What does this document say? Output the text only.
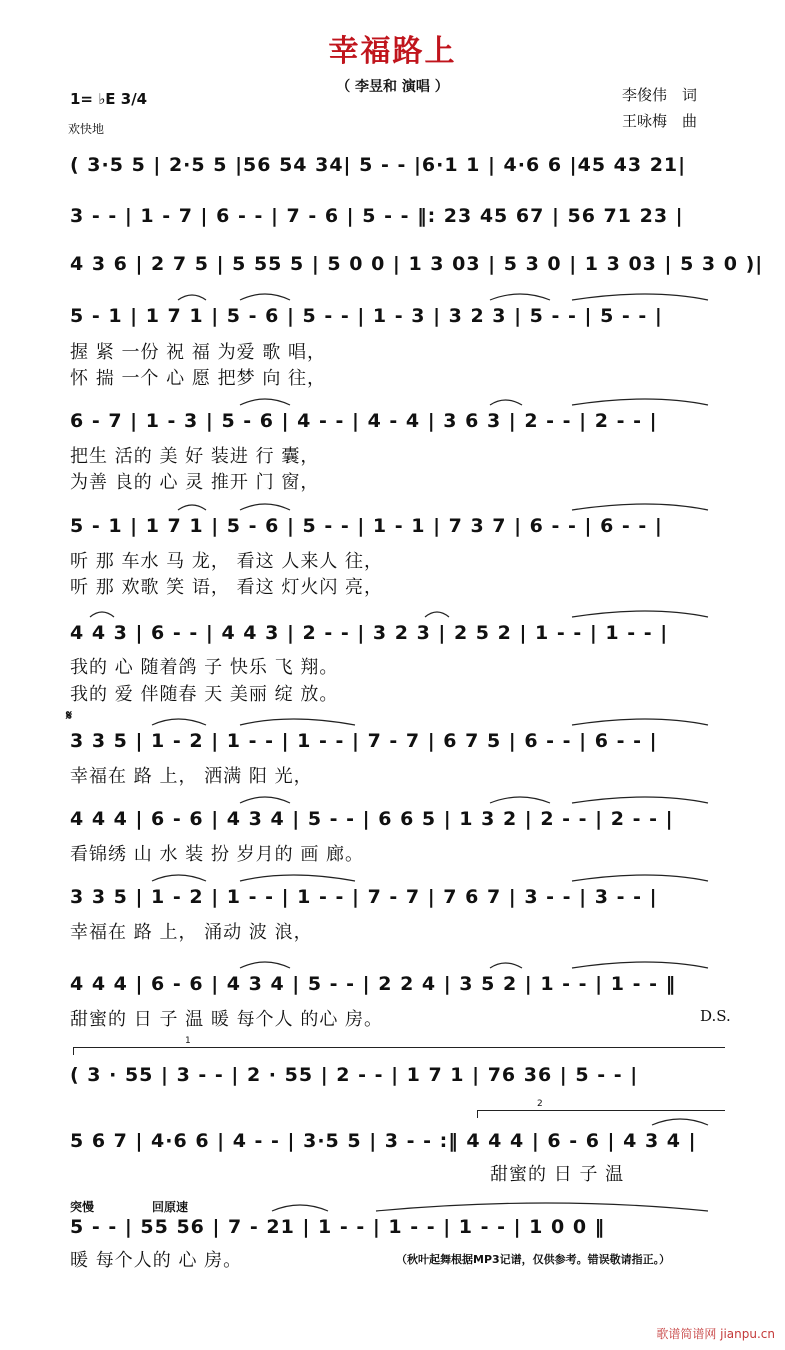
幸福路上
（ 李昱和 演唱 ）	李俊伟　词
王咏梅　曲
1= ♭E 3/4
欢快地
( 3·5 5 | 2·5 5 |56 54 34| 5 - - |6·1 1 | 4·6 6 |45 43 21|
3 - - | 1 - 7 | 6 - - | 7 - 6 | 5 - - ‖: 23 45 67 | 56 71 23 |
4 3 6 | 2 7 5 | 5 55 5 | 5 0 0 | 1 3 03 | 5 3 0 | 1 3 03 | 5 3 0 )|
5 - 1 | 1 7 1 | 5 - 6 | 5 - - | 1 - 3 | 3 2 3 | 5 - - | 5 - - |
握 紧 一份 祝 福 为爱 歌 唱，
怀 揣 一个 心 愿 把梦 向 往，
6 - 7 | 1 - 3 | 5 - 6 | 4 - - | 4 - 4 | 3 6 3 | 2 - - | 2 - - |
把生 活的 美 好 装进 行 囊，
为善 良的 心 灵 推开 门 窗，
5 - 1 | 1 7 1 | 5 - 6 | 5 - - | 1 - 1 | 7 3 7 | 6 - - | 6 - - |
听 那 车水 马 龙， 看这 人来人 往，
听 那 欢歌 笑 语， 看这 灯火闪 亮，
4 4 3 | 6 - - | 4 4 3 | 2 - - | 3 2 3 | 2 5 2 | 1 - - | 1 - - |
我的 心 随着鸽 子 快乐 飞 翔。
我的 爱 伴随春 天 美丽 绽 放。
𝄋
3 3 5 | 1 - 2 | 1 - - | 1 - - | 7 - 7 | 6 7 5 | 6 - - | 6 - - |
幸福在 路 上， 洒满 阳 光，
4 4 4 | 6 - 6 | 4 3 4 | 5 - - | 6 6 5 | 1 3 2 | 2 - - | 2 - - |
看锦绣 山 水 装 扮 岁月的 画 廊。
3 3 5 | 1 - 2 | 1 - - | 1 - - | 7 - 7 | 7 6 7 | 3 - - | 3 - - |
幸福在 路 上， 涌动 波 浪，
4 4 4 | 6 - 6 | 4 3 4 | 5 - - | 2 2 4 | 3 5 2 | 1 - - | 1 - - ‖
甜蜜的 日 子 温 暖 每个人 的心 房。	D.S.
1
( 3 · 55 | 3 - - | 2 · 55 | 2 - - | 1 7 1 | 76 36 | 5 - - |
2
5 6 7 | 4·6 6 | 4 - - | 3·5 5 | 3 - - :‖ 4 4 4 | 6 - 6 | 4 3 4 |
甜蜜的 日 子 温
突慢	回原速
5 - - | 55 56 | 7 - 21 | 1 - - | 1 - - | 1 - - | 1 0 0 ‖
暖 每个人的 心 房。	（秋叶起舞根据MP3记谱，仅供参考。错误敬请指正。）
歌谱简谱网 jianpu.cn
